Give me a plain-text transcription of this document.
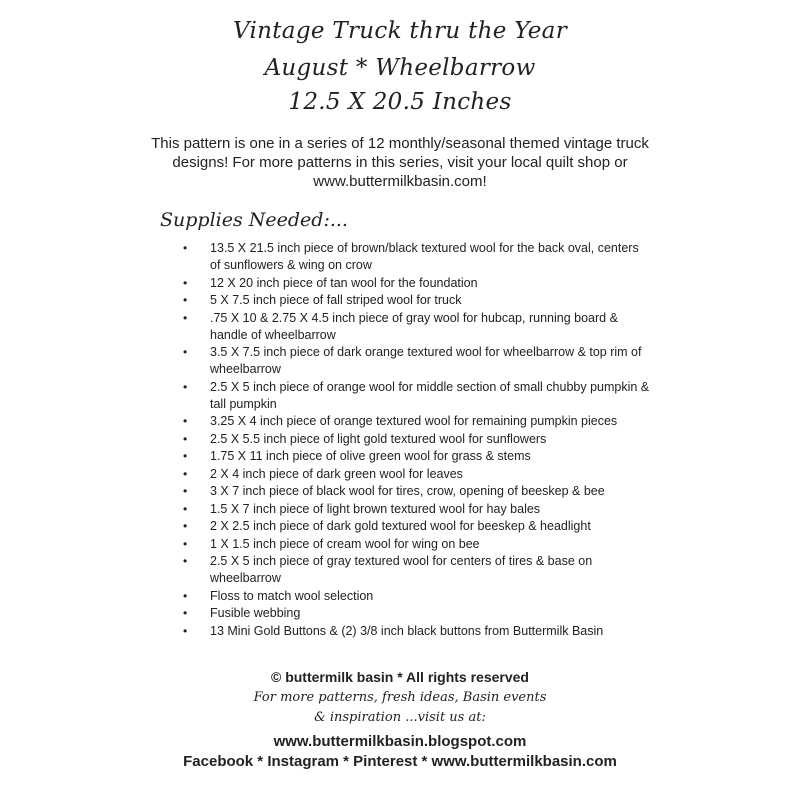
Vintage Truck thru the Year
August * Wheelbarrow
12.5 X 20.5 Inches
This pattern is one in a series of 12 monthly/seasonal themed vintage truck designs! For more patterns in this series, visit your local quilt shop or www.buttermilkbasin.com!
Supplies Needed:...
• 13.5 X 21.5 inch piece of brown/black textured wool for the back oval, centers of sunflowers & wing on crow
• 12 X 20 inch piece of tan wool for the foundation
• 5 X 7.5 inch piece of fall striped wool for truck
• .75 X 10 & 2.75 X 4.5 inch piece of gray wool for hubcap, running board & handle of wheelbarrow
• 3.5 X 7.5 inch piece of dark orange textured wool for wheelbarrow & top rim of wheelbarrow
• 2.5 X 5 inch piece of orange wool for middle section of small chubby pumpkin & tall pumpkin
• 3.25 X 4 inch piece of orange textured wool for remaining pumpkin pieces
• 2.5 X 5.5 inch piece of light gold textured wool for sunflowers
• 1.75 X 11 inch piece of olive green wool for grass & stems
• 2 X 4 inch piece of dark green wool for leaves
• 3 X 7 inch piece of black wool for tires, crow, opening of beeskep & bee
• 1.5 X 7 inch piece of light brown textured wool for hay bales
• 2 X 2.5 inch piece of dark gold textured wool for beeskep & headlight
• 1 X 1.5 inch piece of cream wool for wing on bee
• 2.5 X 5 inch piece of gray textured wool for centers of tires & base on wheelbarrow
• Floss to match wool selection
• Fusible webbing
• 13 Mini Gold Buttons & (2) 3/8 inch black buttons from Buttermilk Basin
© buttermilk basin * All rights reserved
For more patterns, fresh ideas, Basin events
& inspiration ...visit us at:
www.buttermilkbasin.blogspot.com
Facebook * Instagram * Pinterest * www.buttermilkbasin.com
